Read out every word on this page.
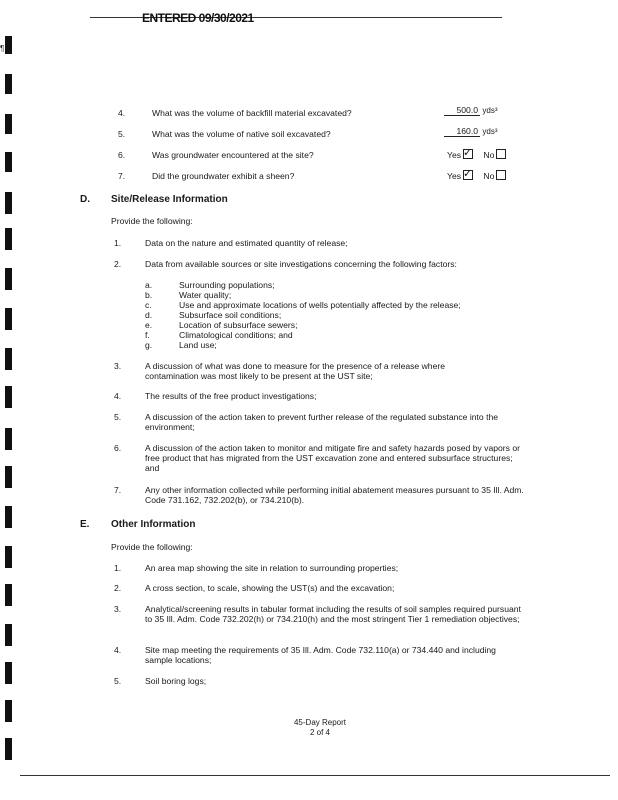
ENTERED 09/30/2021
¶
4.	What was the volume of backfill material excavated?	500.0 yds³
5.	What was the volume of native soil excavated?	160.0 yds³
6.	Was groundwater encountered at the site?	Yes ✓	No
7.	Did the groundwater exhibit a sheen?	Yes ✓	No
D. Site/Release Information
Provide the following:
1.	Data on the nature and estimated quantity of release;
2.	Data from available sources or site investigations concerning the following factors:
a.	Surrounding populations;
b.	Water quality;
c.	Use and approximate locations of wells potentially affected by the release;
d.	Subsurface soil conditions;
e.	Location of subsurface sewers;
f.	Climatological conditions; and
g.	Land use;
3.	A discussion of what was done to measure for the presence of a release where contamination was most likely to be present at the UST site;
4.	The results of the free product investigations;
5.	A discussion of the action taken to prevent further release of the regulated substance into the environment;
6.	A discussion of the action taken to monitor and mitigate fire and safety hazards posed by vapors or free product that has migrated from the UST excavation zone and entered subsurface structures; and
7.	Any other information collected while performing initial abatement measures pursuant to 35 Ill. Adm. Code 731.162, 732.202(b), or 734.210(b).
E. Other Information
Provide the following:
1.	An area map showing the site in relation to surrounding properties;
2.	A cross section, to scale, showing the UST(s) and the excavation;
3.	Analytical/screening results in tabular format including the results of soil samples required pursuant to 35 Ill. Adm. Code 732.202(h) or 734.210(h) and the most stringent Tier 1 remediation objectives;
4.	Site map meeting the requirements of 35 Ill. Adm. Code 732.110(a) or 734.440 and including sample locations;
5.	Soil boring logs;
45-Day Report
2 of 4
